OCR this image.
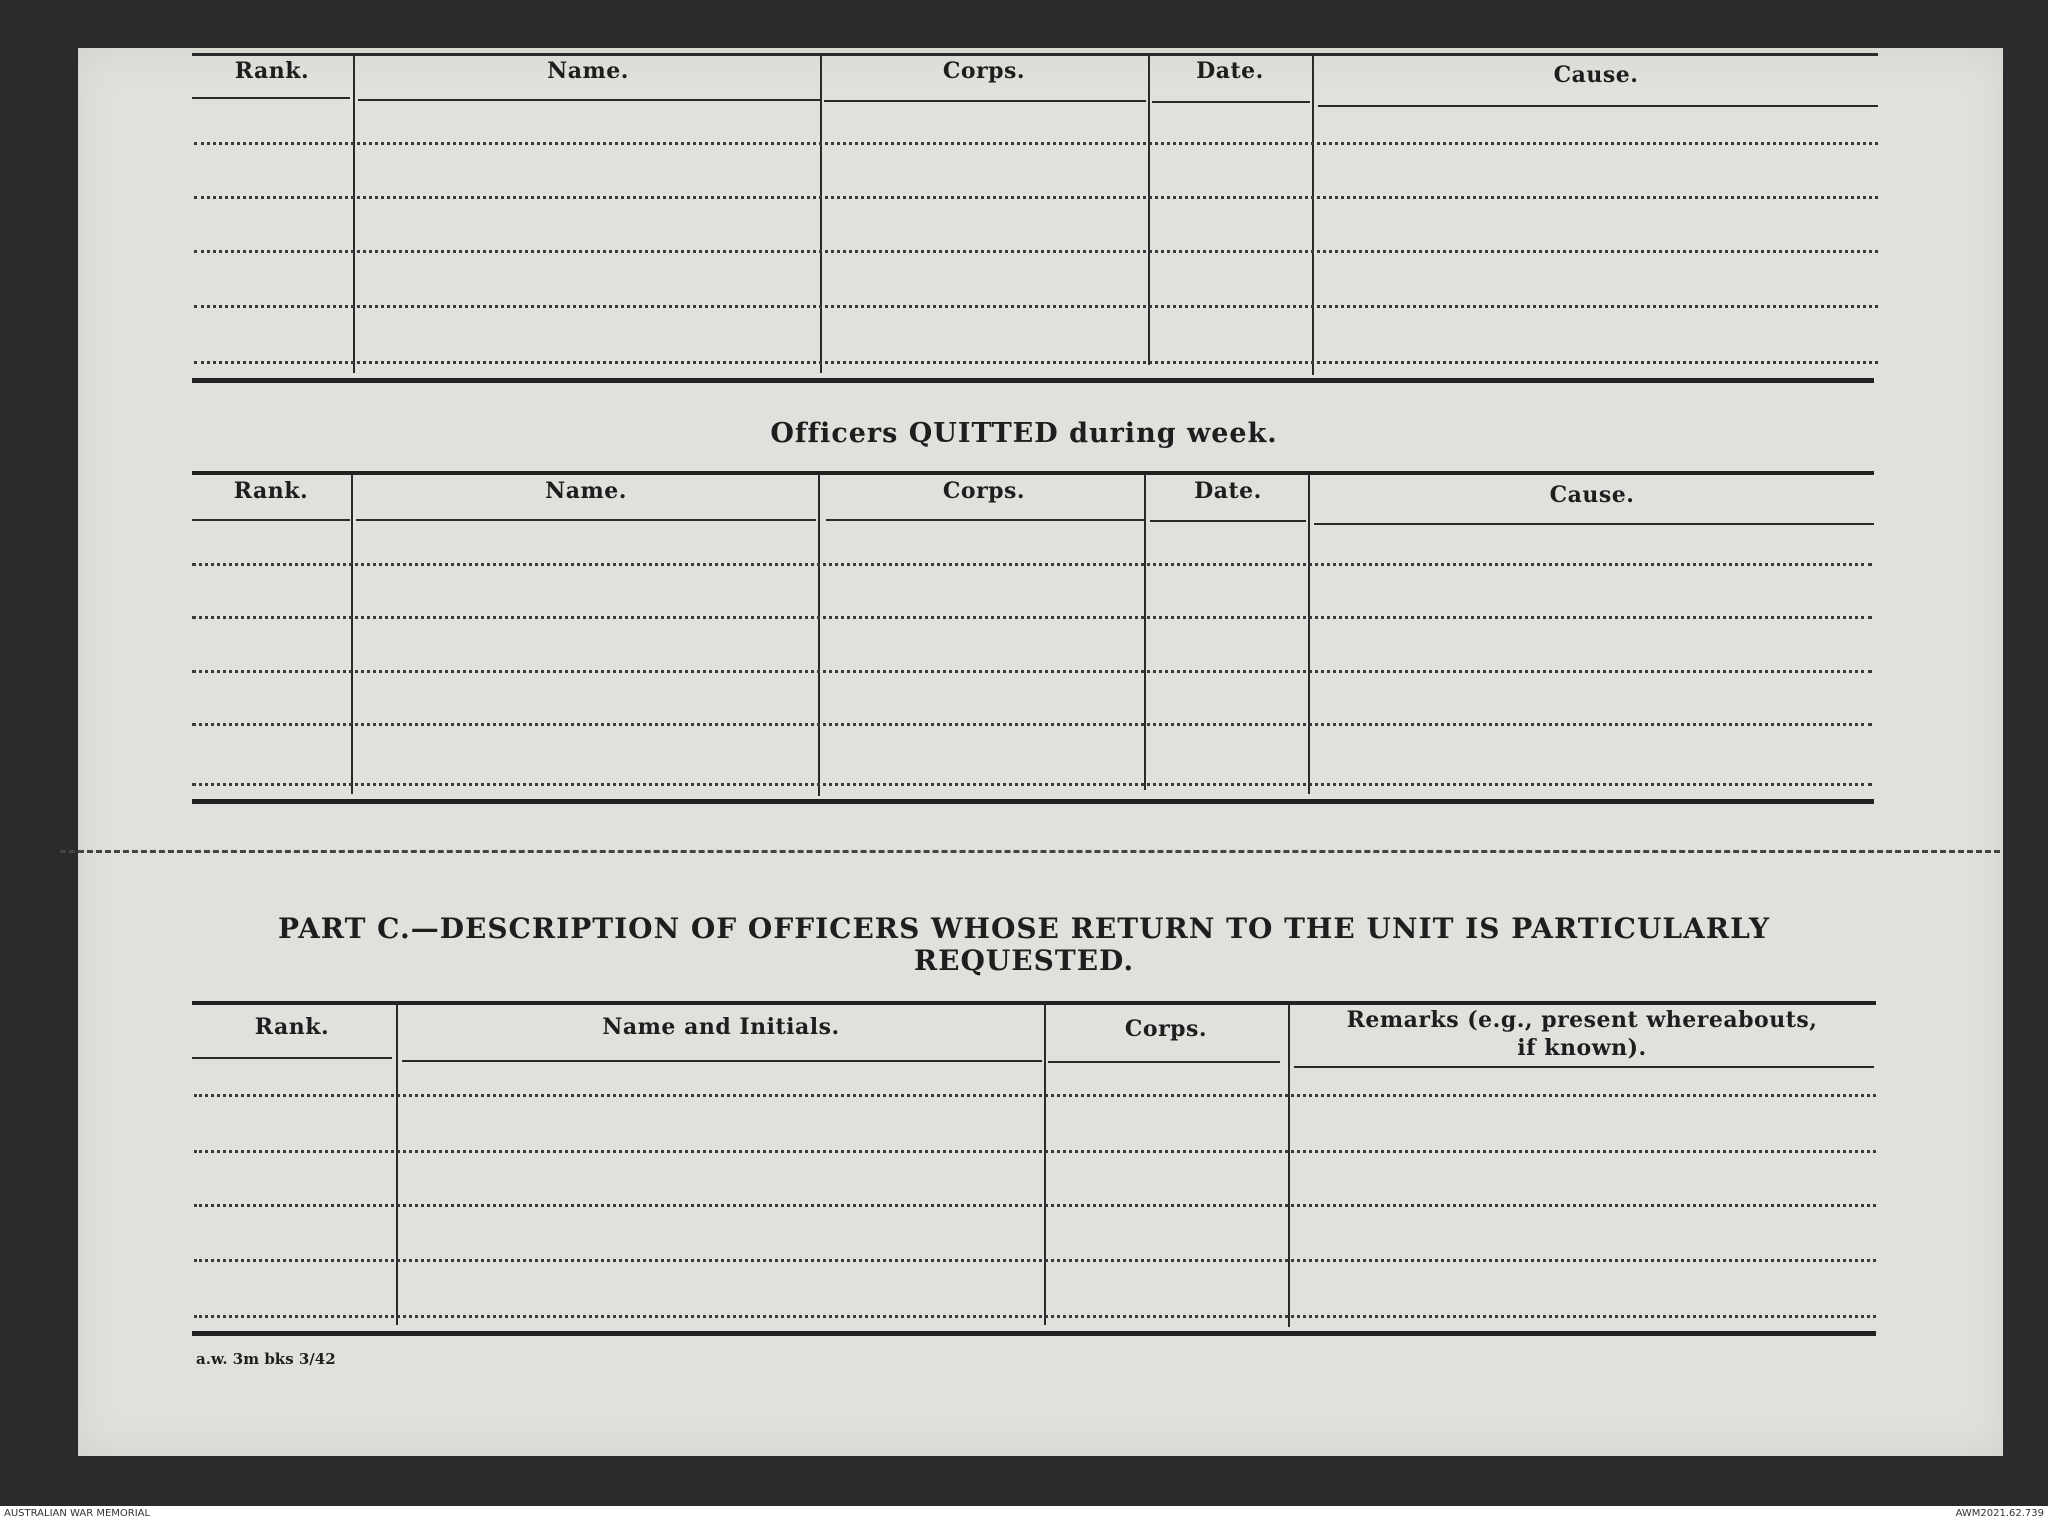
Rank.	Name.	Corps.	Date.	Cause.
Officers QUITTED during week.
Rank.	Name.	Corps.	Date.	Cause.
PART C.—DESCRIPTION OF OFFICERS WHOSE RETURN TO THE UNIT IS PARTICULARLY
REQUESTED.
Rank.	Name and Initials.	Corps.	Remarks (e.g., present whereabouts,
if known).
a.w. 3m bks 3/42
AUSTRALIAN WAR MEMORIAL	AWM2021.62.739
